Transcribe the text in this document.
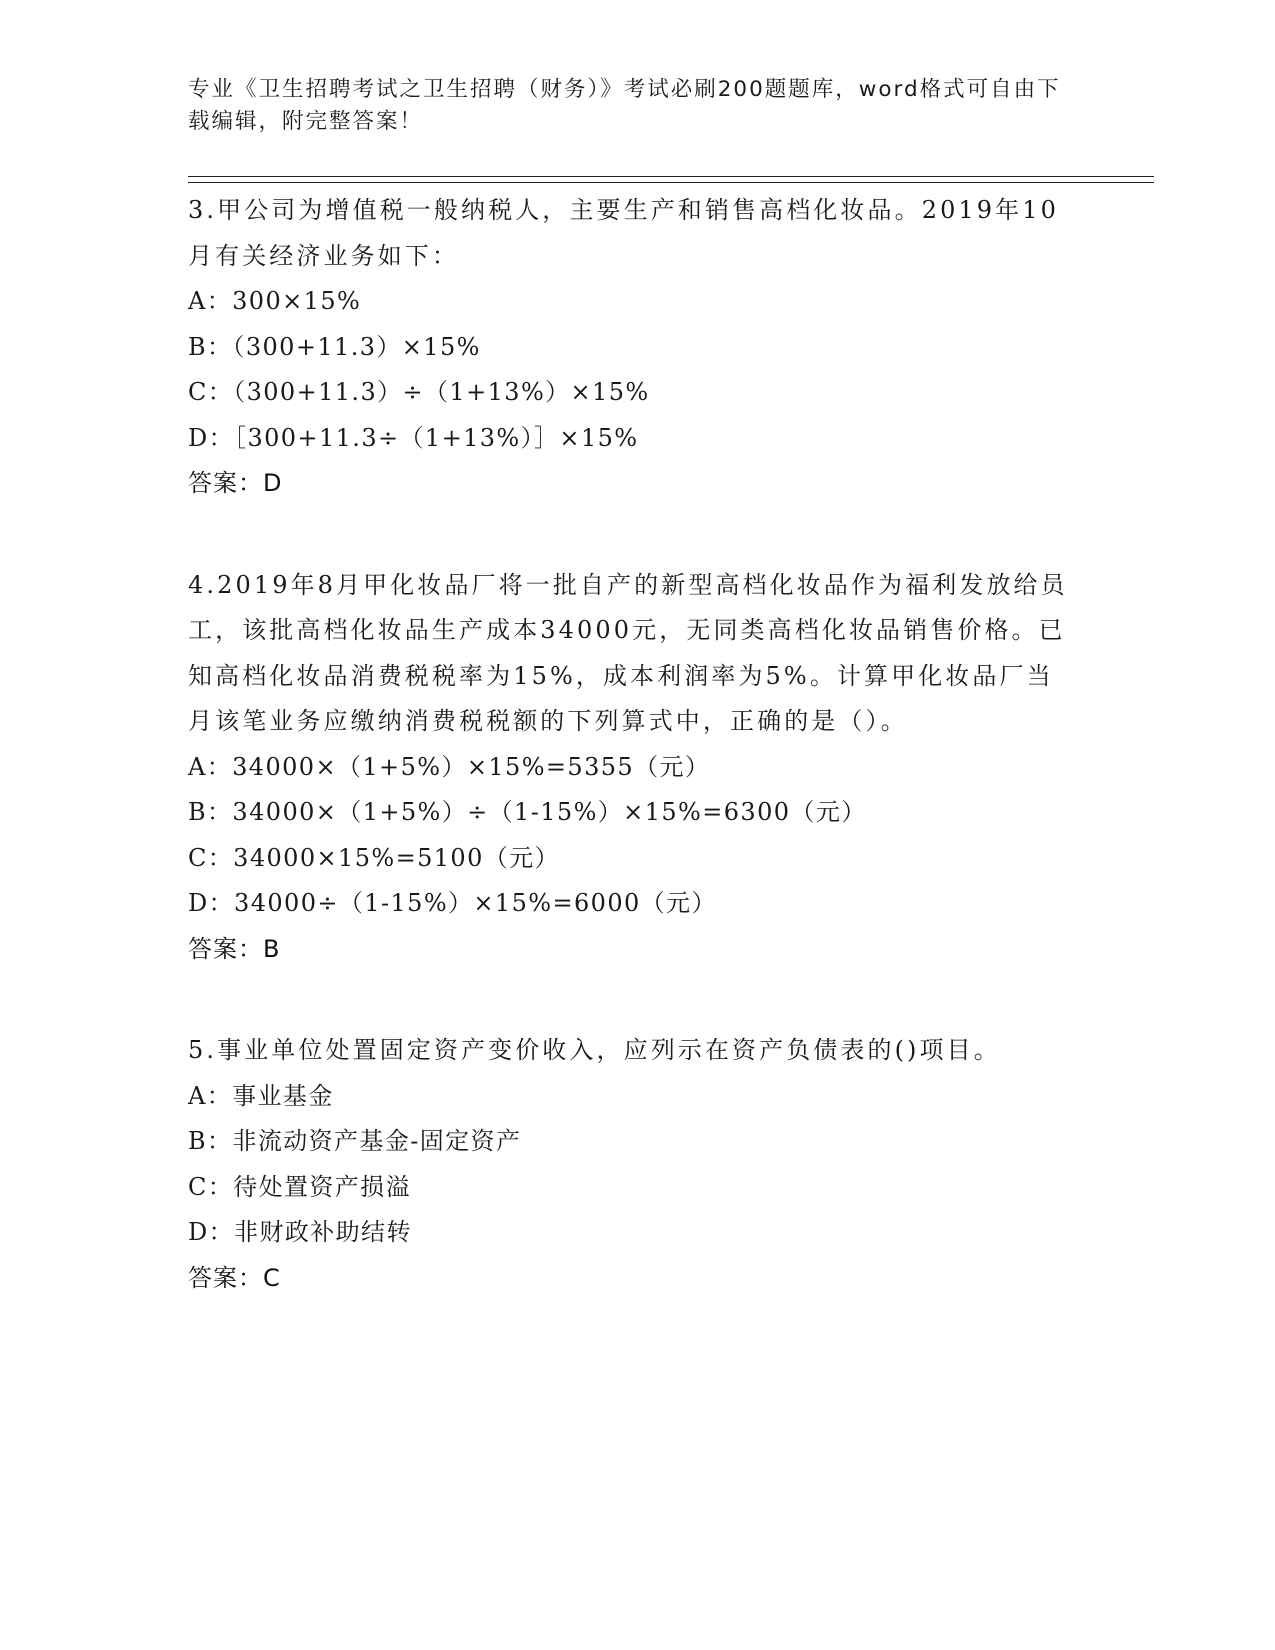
专业《卫生招聘考试之卫生招聘（财务）》考试必刷200题题库，word格式可自由下载编辑，附完整答案！

3.甲公司为增值税一般纳税人，主要生产和销售高档化妆品。2019年10月有关经济业务如下：

A：300×15%

B：（300+11.3）×15%

C：（300+11.3）÷（1+13%）×15%

D：［300+11.3÷（1+13%）］×15%

答案：D

4.2019年8月甲化妆品厂将一批自产的新型高档化妆品作为福利发放给员工，该批高档化妆品生产成本34000元，无同类高档化妆品销售价格。已知高档化妆品消费税税率为15%，成本利润率为5%。计算甲化妆品厂当月该笔业务应缴纳消费税税额的下列算式中，正确的是（）。

A：34000×（1+5%）×15%=5355（元）

B：34000×（1+5%）÷（1-15%）×15%=6300（元）

C：34000×15%=5100（元）

D：34000÷（1-15%）×15%=6000（元）

答案：B

5.事业单位处置固定资产变价收入，应列示在资产负债表的()项目。

A：事业基金

B：非流动资产基金-固定资产

C：待处置资产损溢

D：非财政补助结转

答案：C
